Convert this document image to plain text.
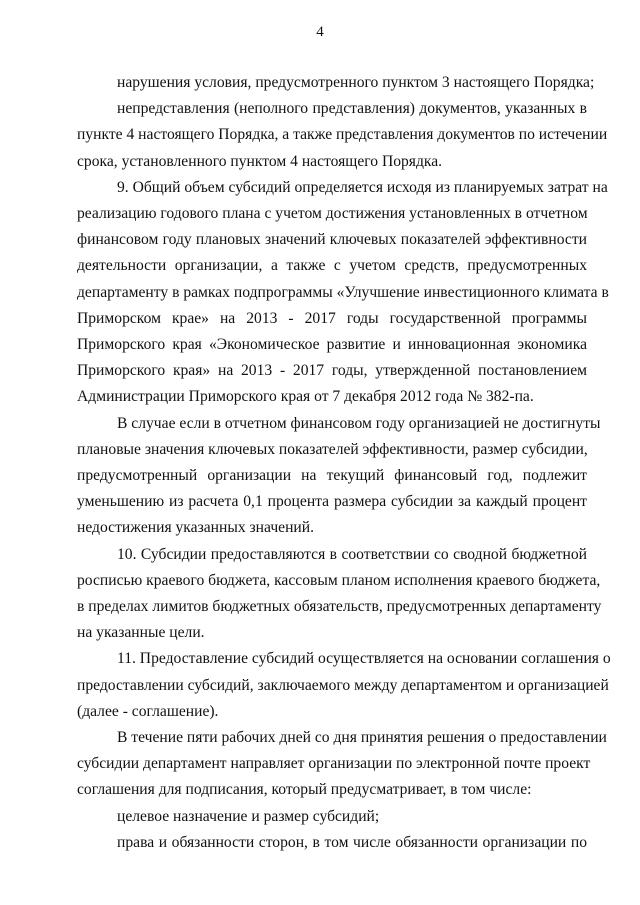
4

нарушения условия, предусмотренного пунктом 3 настоящего Порядка;

непредставления (неполного представления) документов, указанных в
пункте 4 настоящего Порядка, а также представления документов по истечении
срока, установленного пунктом 4 настоящего Порядка.

9. Общий объем субсидий определяется исходя из планируемых затрат на
реализацию годового плана с учетом достижения установленных в отчетном
финансовом году плановых значений ключевых показателей эффективности
деятельности организации, а также с учетом средств, предусмотренных
департаменту в рамках подпрограммы «Улучшение инвестиционного климата в
Приморском крае» на 2013 - 2017 годы государственной программы
Приморского края «Экономическое развитие и инновационная экономика
Приморского края» на 2013 - 2017 годы, утвержденной постановлением
Администрации Приморского края от 7 декабря 2012 года № 382-па.

В случае если в отчетном финансовом году организацией не достигнуты
плановые значения ключевых показателей эффективности, размер субсидии,
предусмотренный организации на текущий финансовый год, подлежит
уменьшению из расчета 0,1 процента размера субсидии за каждый процент
недостижения указанных значений.

10. Субсидии предоставляются в соответствии со сводной бюджетной
росписью краевого бюджета, кассовым планом исполнения краевого бюджета,
в пределах лимитов бюджетных обязательств, предусмотренных департаменту
на указанные цели.

11. Предоставление субсидий осуществляется на основании соглашения о
предоставлении субсидий, заключаемого между департаментом и организацией
(далее - соглашение).

В течение пяти рабочих дней со дня принятия решения о предоставлении
субсидии департамент направляет организации по электронной почте проект
соглашения для подписания, который предусматривает, в том числе:

целевое назначение и размер субсидий;

права и обязанности сторон, в том числе обязанности организации по
